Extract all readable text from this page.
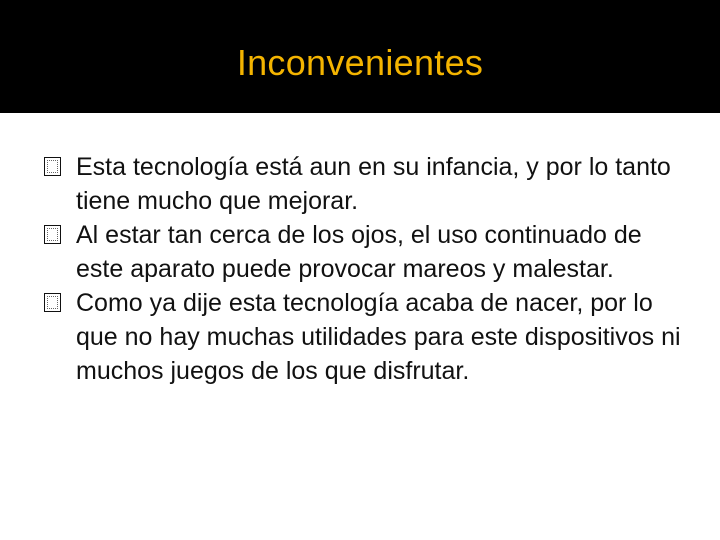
Inconvenientes
Esta tecnología está aun en su infancia, y por lo tanto tiene mucho que mejorar.
Al estar tan cerca de los ojos, el uso continuado de este aparato puede provocar mareos y malestar.
Como ya dije esta tecnología acaba de nacer, por lo que no hay muchas utilidades para este dispositivos ni muchos juegos de los que disfrutar.
